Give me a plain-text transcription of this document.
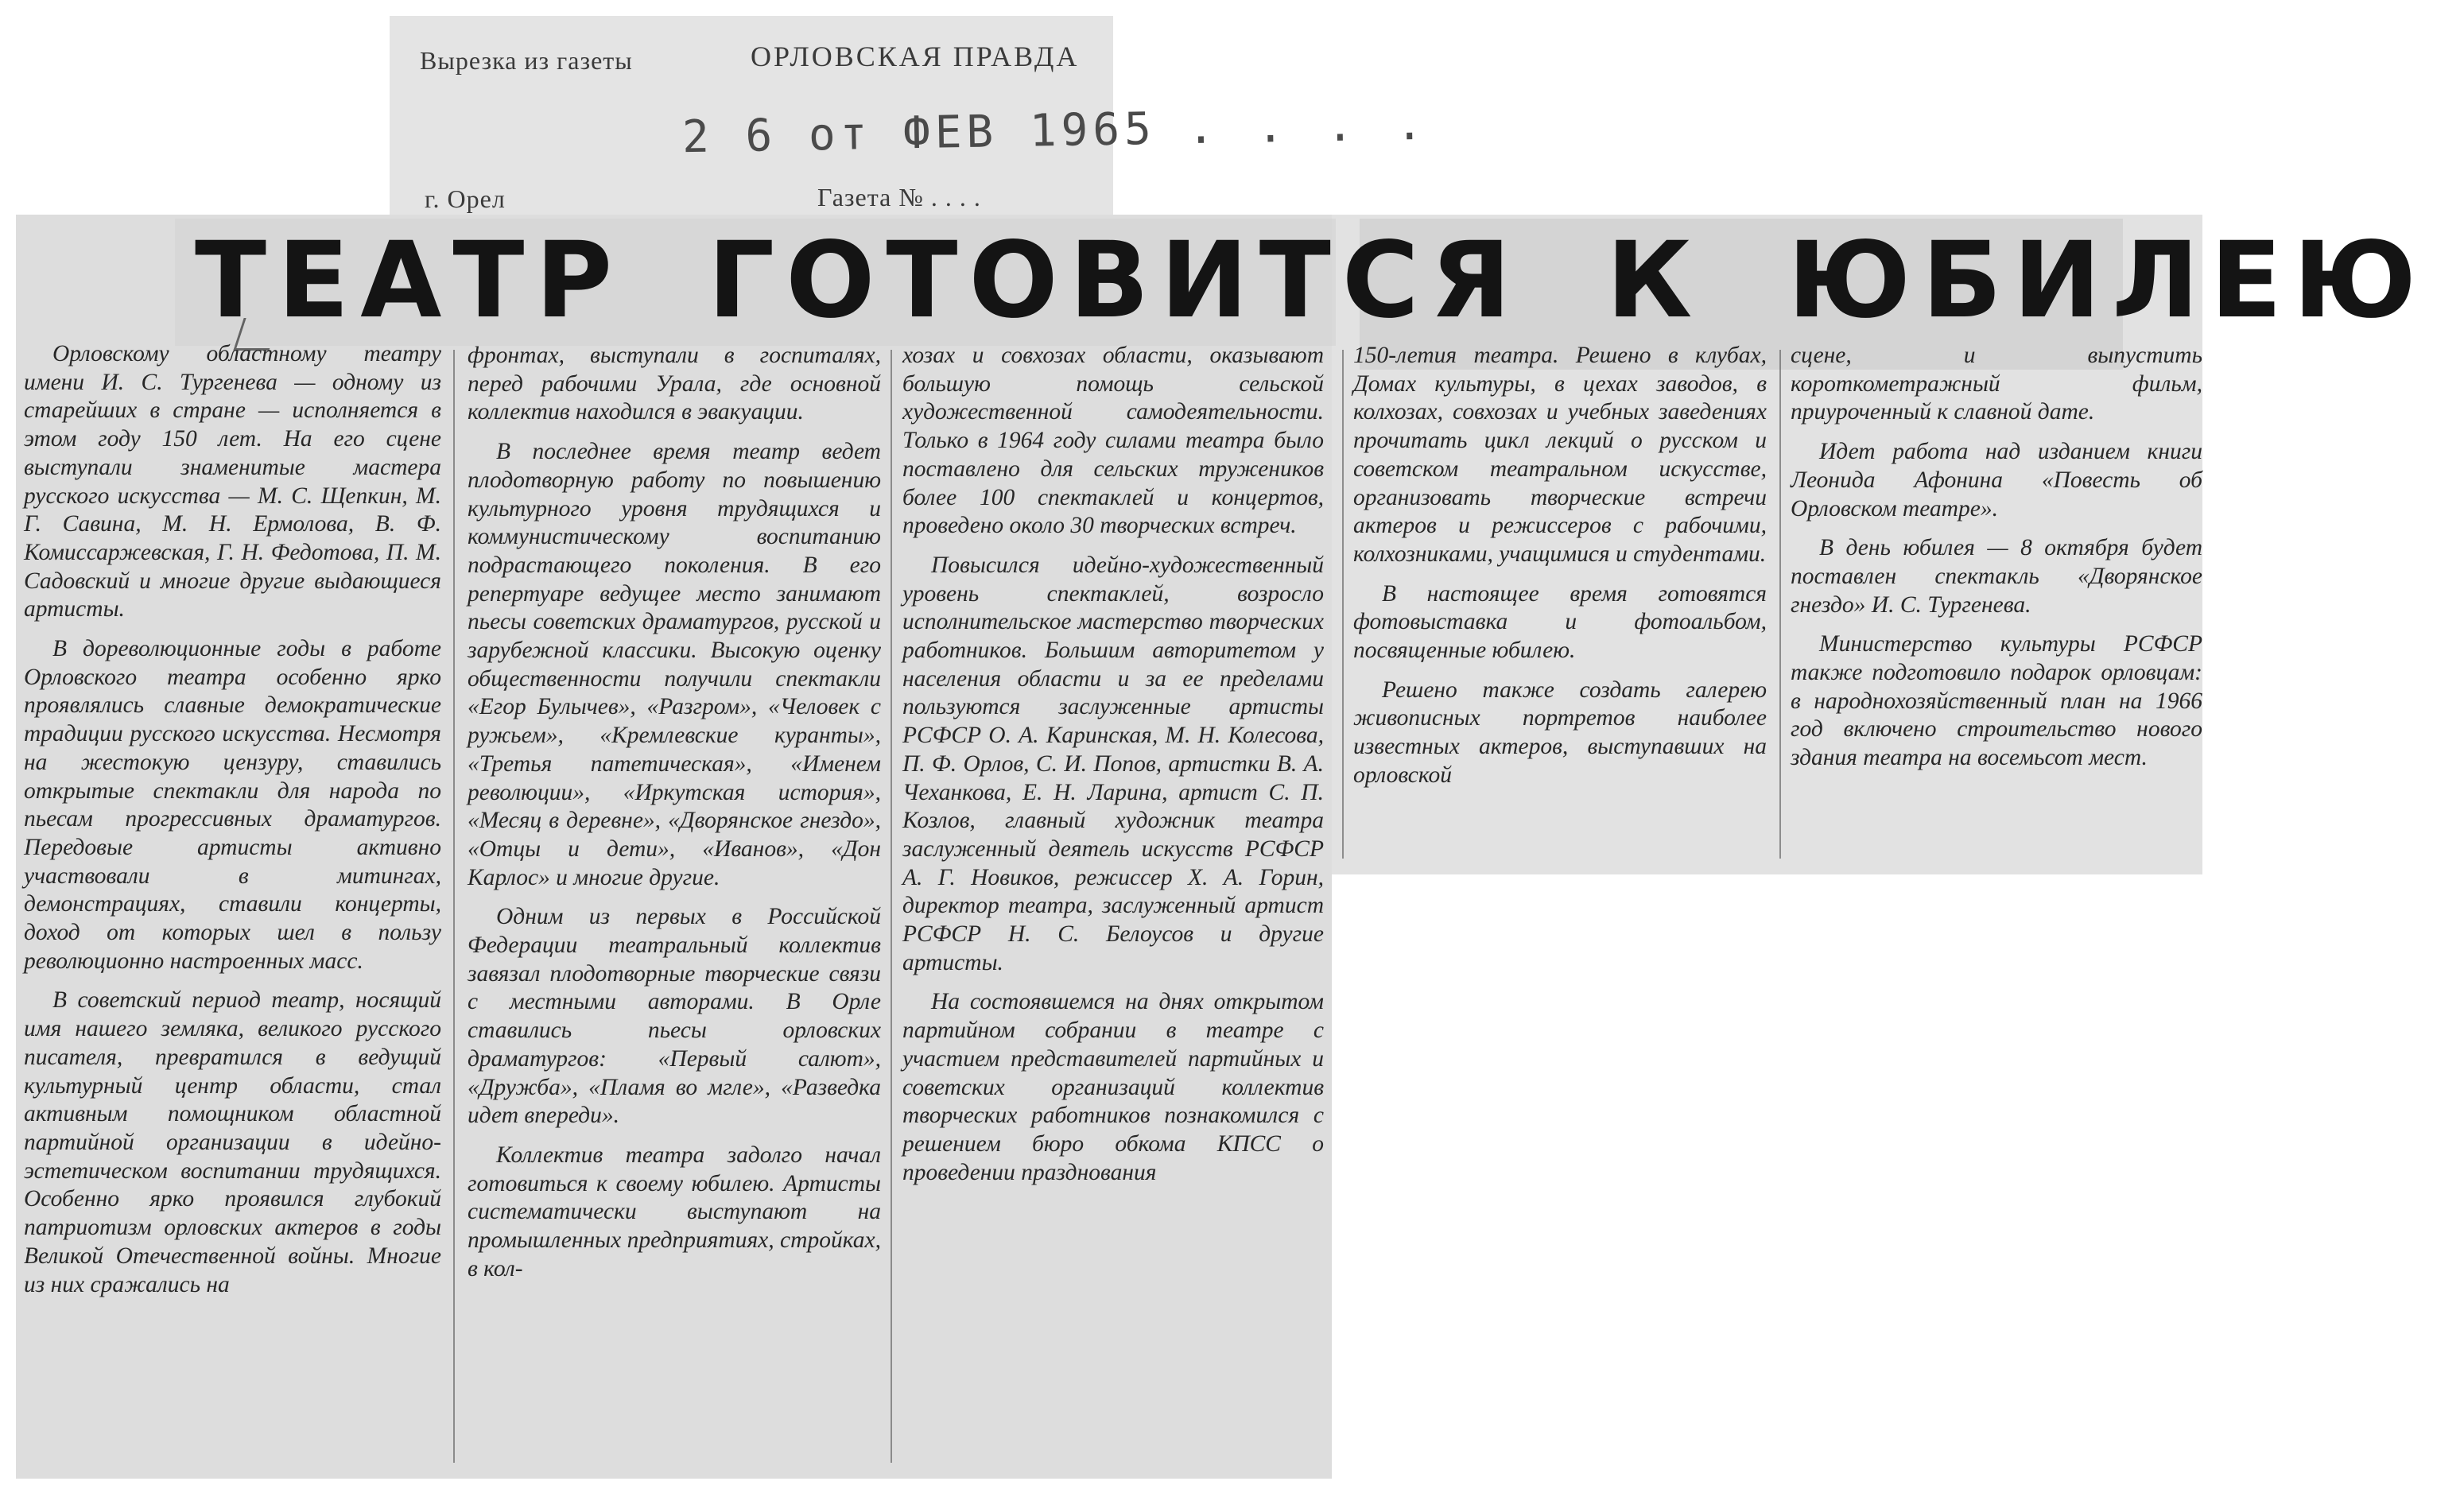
Вырезка из газеты	ОРЛОВСКАЯ ПРАВДА
2 6 от ФЕВ 1965 . . . .
г. Орел	Газета № . . . .
ТЕАТР ГОТОВИТСЯ К ЮБИЛЕЮ

Орловскому областному театру имени И. С. Тургенева — одному из старейших в стране — исполняется в этом году 150 лет. На его сцене выступали знаменитые мастера русского искусства — М. С. Щепкин, М. Г. Савина, М. Н. Ермолова, В. Ф. Комиссаржевская, Г. Н. Федотова, П. М. Садовский и многие другие выдающиеся артисты.

В дореволюционные годы в работе Орловского театра особенно ярко проявлялись славные демократические традиции русского искусства. Несмотря на жестокую цензуру, ставились открытые спектакли для народа по пьесам прогрессивных драматургов. Передовые артисты активно участвовали в митингах, демонстрациях, ставили концерты, доход от которых шел в пользу революционно настроенных масс.

В советский период театр, носящий имя нашего земляка, великого русского писателя, превратился в ведущий культурный центр области, стал активным помощником областной партийной организации в идейно-эстетическом воспитании трудящихся. Особенно ярко проявился глубокий патриотизм орловских актеров в годы Великой Отечественной войны. Многие из них сражались на

фронтах, выступали в госпиталях, перед рабочими Урала, где основной коллектив находился в эвакуации.

В последнее время театр ведет плодотворную работу по повышению культурного уровня трудящихся и коммунистическому воспитанию подрастающего поколения. В его репертуаре ведущее место занимают пьесы советских драматургов, русской и зарубежной классики. Высокую оценку общественности получили спектакли «Егор Булычев», «Разгром», «Человек с ружьем», «Кремлевские куранты», «Третья патетическая», «Именем революции», «Иркутская история», «Месяц в деревне», «Дворянское гнездо», «Отцы и дети», «Иванов», «Дон Карлос» и многие другие.

Одним из первых в Российской Федерации театральный коллектив завязал плодотворные творческие связи с местными авторами. В Орле ставились пьесы орловских драматургов: «Первый салют», «Дружба», «Пламя во мгле», «Разведка идет впереди».

Коллектив театра задолго начал готовиться к своему юбилею. Артисты систематически выступают на промышленных предприятиях, стройках, в кол-

хозах и совхозах области, оказывают большую помощь сельской художественной самодеятельности. Только в 1964 году силами театра было поставлено для сельских тружеников более 100 спектаклей и концертов, проведено около 30 творческих встреч.

Повысился идейно-художественный уровень спектаклей, возросло исполнительское мастерство творческих работников. Большим авторитетом у населения области и за ее пределами пользуются заслуженные артисты РСФСР О. А. Каринская, М. Н. Колесова, П. Ф. Орлов, С. И. Попов, артистки В. А. Чеханкова, Е. Н. Ларина, артист С. П. Козлов, главный художник театра заслуженный деятель искусств РСФСР А. Г. Новиков, режиссер Х. А. Горин, директор театра, заслуженный артист РСФСР Н. С. Белоусов и другие артисты.

На состоявшемся на днях открытом партийном собрании в театре с участием представителей партийных и советских организаций коллектив творческих работников познакомился с решением бюро обкома КПСС о проведении празднования

150-летия театра. Решено в клубах, Домах культуры, в цехах заводов, в колхозах, совхозах и учебных заведениях прочитать цикл лекций о русском и советском театральном искусстве, организовать творческие встречи актеров и режиссеров с рабочими, колхозниками, учащимися и студентами.

В настоящее время готовятся фотовыставка и фотоальбом, посвященные юбилею.

Решено также создать галерею живописных портретов наиболее известных актеров, выступавших на орловской

сцене, и выпустить короткометражный фильм, приуроченный к славной дате.

Идет работа над изданием книги Леонида Афонина «Повесть об Орловском театре».

В день юбилея — 8 октября будет поставлен спектакль «Дворянское гнездо» И. С. Тургенева.

Министерство культуры РСФСР также подготовило подарок орловцам: в народнохозяйственный план на 1966 год включено строительство нового здания театра на восемьсот мест.
